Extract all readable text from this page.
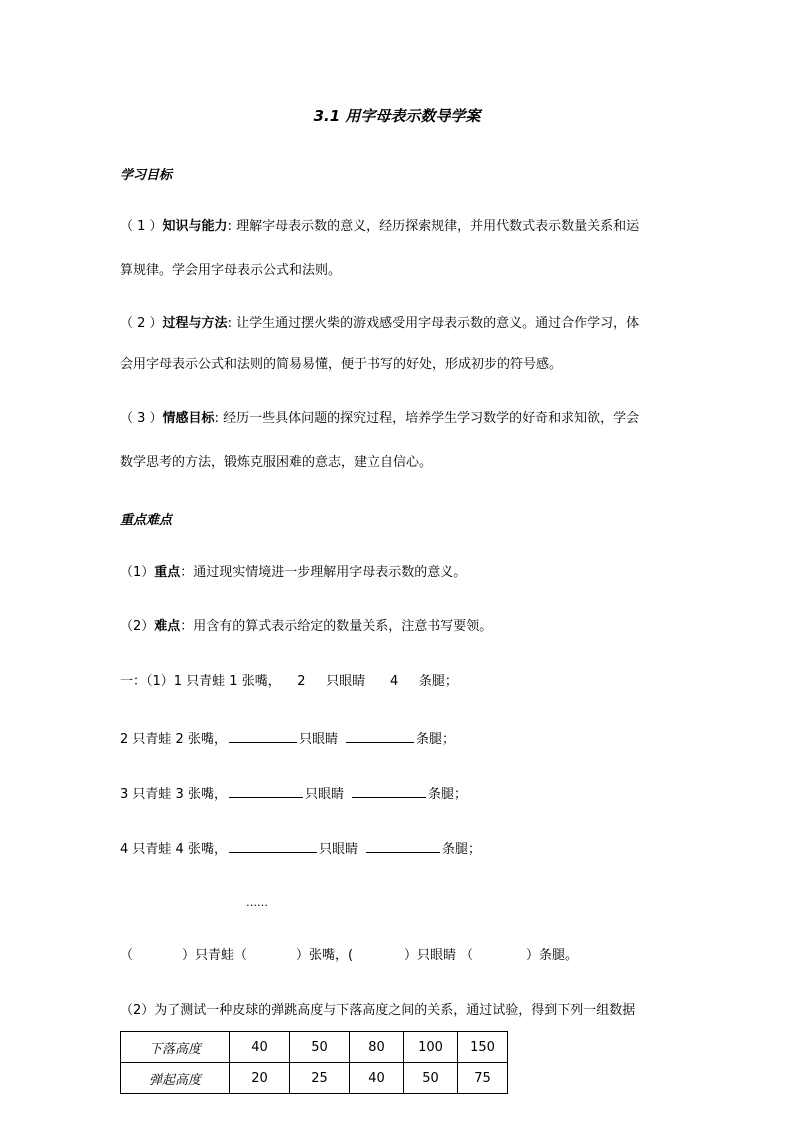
3.1 用字母表示数导学案
学习目标
（ 1 ）知识与能力: 理解字母表示数的意义，经历探索规律，并用代数式表示数量关系和运
算规律。学会用字母表示公式和法则。
（ 2 ）过程与方法: 让学生通过摆火柴的游戏感受用字母表示数的意义。通过合作学习，体
会用字母表示公式和法则的简易易懂，便于书写的好处，形成初步的符号感。
（ 3 ）情感目标: 经历一些具体问题的探究过程，培养学生学习数学的好奇和求知欲，学会
数学思考的方法，锻炼克服困难的意志，建立自信心。
重点难点
（1）重点：通过现实情境进一步理解用字母表示数的意义。
（2）难点：用含有的算式表示给定的数量关系，注意书写要领。
一：（1）1 只青蛙 1 张嘴，    2     只眼睛      4     条腿；
2 只青蛙 2 张嘴，	只眼睛	条腿；
3 只青蛙 3 张嘴，	只眼睛	条腿；
4 只青蛙 4 张嘴，	只眼睛	条腿；
……
（	）只青蛙（	）张嘴，(	）只眼睛 （	）条腿。
（2）为了测试一种皮球的弹跳高度与下落高度之间的关系，通过试验，得到下列一组数据
下落高度	40	50	80	100	150
弹起高度	20	25	40	50	75
